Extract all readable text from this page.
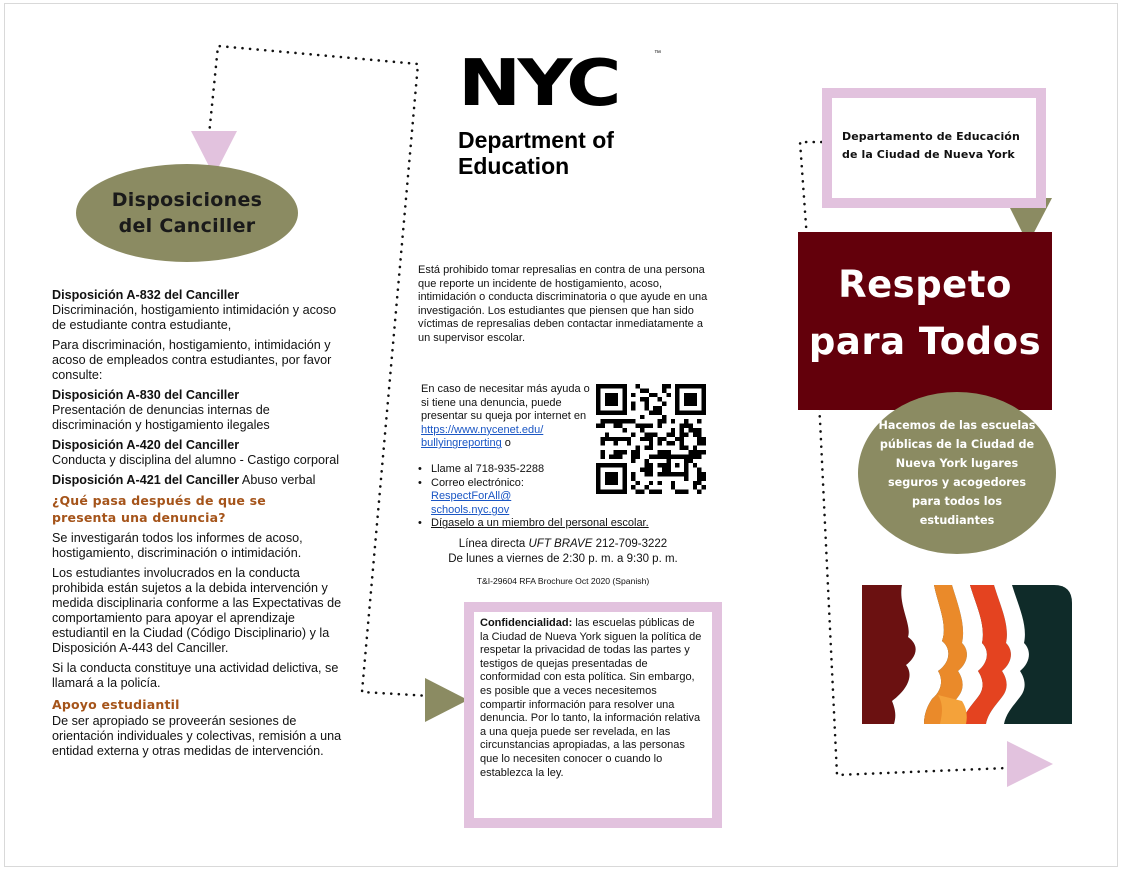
Disposiciones
del Canciller
Disposición A-832 del Canciller
Discriminación, hostigamiento intimidación y acoso de estudiante contra estudiante,

Para discriminación, hostigamiento, intimidación y acoso de empleados contra estudiantes, por favor consulte:

Disposición A-830 del Canciller
Presentación de denuncias internas de discriminación y hostigamiento ilegales
Disposición A-420 del Canciller
Conducta y disciplina del alumno - Castigo corporal
Disposición A-421 del Canciller Abuso verbal
¿Qué pasa después de que se presenta una denuncia?

Se investigarán todos los informes de acoso, hostigamiento, discriminación o intimidación.

Los estudiantes involucrados en la conducta prohibida están sujetos a la debida intervención y medida disciplinaria conforme a las Expectativas de comportamiento para apoyar el aprendizaje estudiantil en la Ciudad (Código Disciplinario) y la Disposición A-443 del Canciller.

Si la conducta constituye una actividad delictiva, se llamará a la policía.

Apoyo estudiantil

De ser apropiado se proveerán sesiones de orientación individuales y colectivas, remisión a una entidad externa y otras medidas de intervención.

NYC	™
Department of
Education
Está prohibido tomar represalias en contra de una persona que reporte un incidente de hostigamiento, acoso, intimidación o conducta discriminatoria o que ayude en una investigación. Los estudiantes que piensen que han sido víctimas de represalias deben contactar inmediatamente a un supervisor escolar.
En caso de necesitar más ayuda o si tiene una denuncia, puede presentar su queja por internet en https://www.nycenet.edu/ bullyingreporting o
• Llame al 718-935-2288
• Correo electrónico:
RespectForAll@ schools.nyc.gov
• Dígaselo a un miembro del personal escolar.
Línea directa UFT BRAVE 212-709-3222
De lunes a viernes de 2:30 p. m. a 9:30 p. m.
T&I-29604 RFA Brochure Oct 2020 (Spanish)
Confidencialidad: las escuelas públicas de la Ciudad de Nueva York siguen la política de respetar la privacidad de todas las partes y testigos de quejas presentadas de conformidad con esta política. Sin embargo, es posible que a veces necesitemos compartir información para resolver una denuncia. Por lo tanto, la información relativa a una queja puede ser revelada, en las circunstancias apropiadas, a las personas que lo necesiten conocer o cuando lo establezca la ley.
Departamento de Educación
de la Ciudad de Nueva York
Respeto
para Todos
Hacemos de las escuelas públicas de la Ciudad de Nueva York lugares seguros y acogedores para todos los estudiantes
